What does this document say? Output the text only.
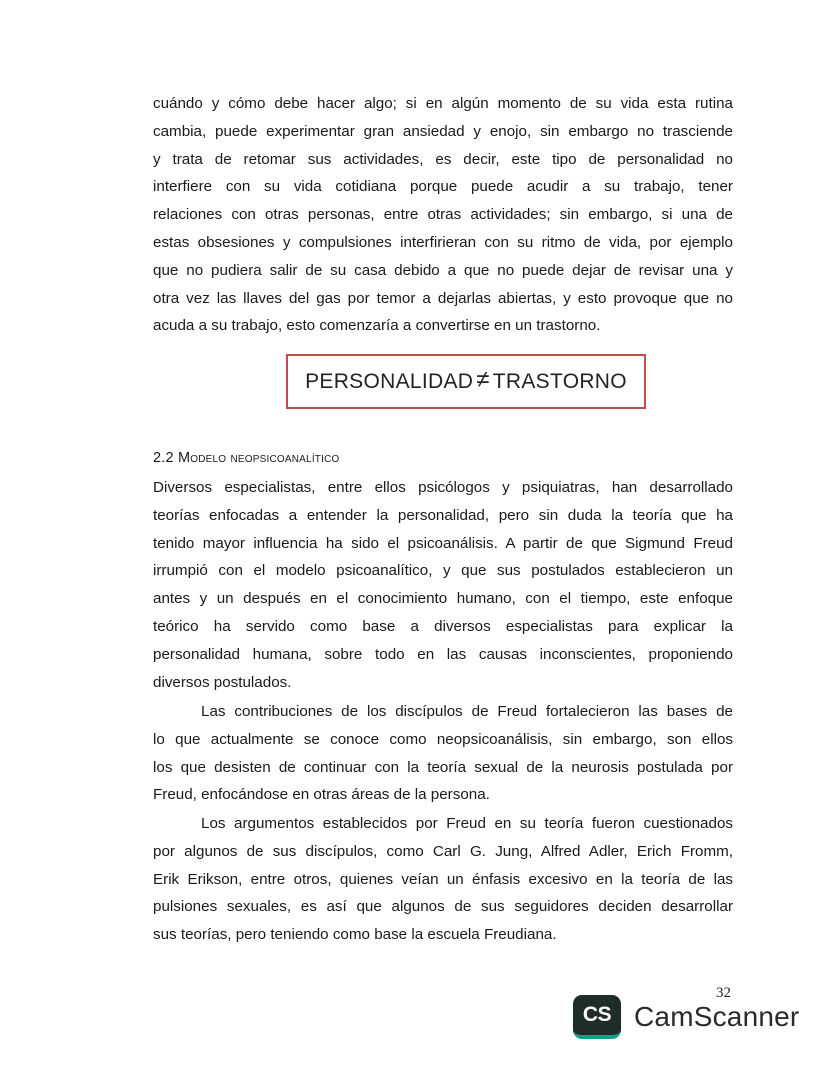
cuándo y cómo debe hacer algo; si en algún momento de su vida esta rutina
cambia, puede experimentar gran ansiedad y enojo, sin embargo no trasciende
y trata de retomar sus actividades, es decir, este tipo de personalidad no
interfiere con su vida cotidiana porque puede acudir a su trabajo, tener
relaciones con otras personas, entre otras actividades; sin embargo, si una de
estas obsesiones y compulsiones interfirieran con su ritmo de vida, por ejemplo
que no pudiera salir de su casa debido a que no puede dejar de revisar una y
otra vez las llaves del gas por temor a dejarlas abiertas, y esto provoque que no
acuda a su trabajo, esto comenzaría a convertirse en un trastorno.

PERSONALIDAD ≠ TRASTORNO
2.2 Modelo neopsicoanalítico

Diversos especialistas, entre ellos psicólogos y psiquiatras, han desarrollado
teorías enfocadas a entender la personalidad, pero sin duda la teoría que ha
tenido mayor influencia ha sido el psicoanálisis. A partir de que Sigmund Freud
irrumpió con el modelo psicoanalítico, y que sus postulados establecieron un
antes y un después en el conocimiento humano, con el tiempo, este enfoque
teórico ha servido como base a diversos especialistas para explicar la
personalidad humana, sobre todo en las causas inconscientes, proponiendo
diversos postulados.

Las contribuciones de los discípulos de Freud fortalecieron las bases de
lo que actualmente se conoce como neopsicoanálisis, sin embargo, son ellos
los que desisten de continuar con la teoría sexual de la neurosis postulada por
Freud, enfocándose en otras áreas de la persona.

Los argumentos establecidos por Freud en su teoría fueron cuestionados
por algunos de sus discípulos, como Carl G. Jung, Alfred Adler, Erich Fromm,
Erik Erikson, entre otros, quienes veían un énfasis excesivo en la teoría de las
pulsiones sexuales, es así que algunos de sus seguidores deciden desarrollar
sus teorías, pero teniendo como base la escuela Freudiana.

32
CS CamScanner
